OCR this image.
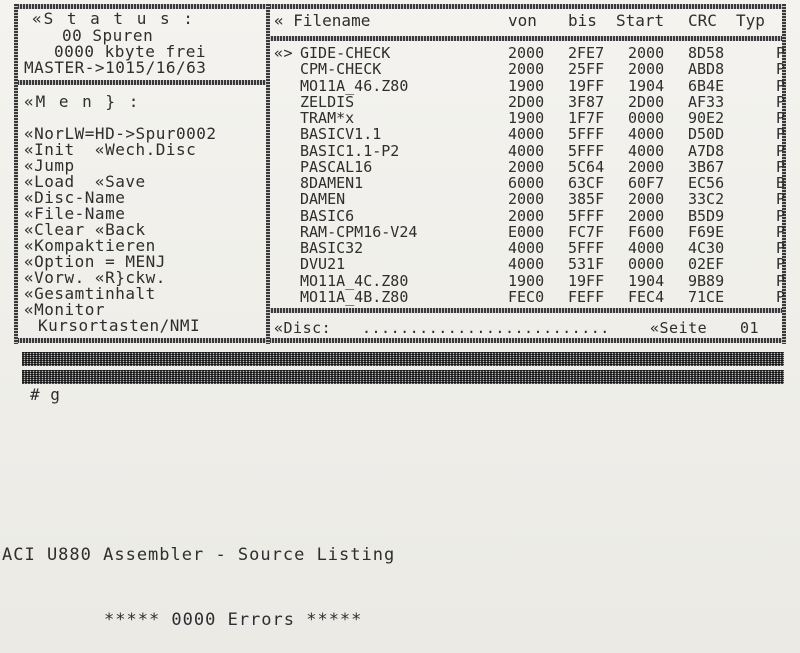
«S t a t u s :
00 Spuren
0000 kbyte frei
MASTER->1015/16/63
«M e n } :
«NorLW=HD->Spur0002
«Init  «Wech.Disc
«Jump
«Load  «Save
«Disc-Name
«File-Name
«Clear «Back
«Kompaktieren
«Option = MENJ
«Vorw. «R}ckw.
«Gesamtinhalt
«Monitor
Kursortasten/NMI
« Filename	von bis Start CRC Typ
«> GIDE-CHECK	2000 2FE7 2000 8D58	P
CPM-CHECK	2000 25FF 2000 ABD8	P
MO11A_46.Z80	1900 19FF 1904 6B4E	P
ZELDIS	2D00 3F87 2D00 AF33	P
TRAM*x	1900 1F7F 0000 90E2	P
BASICV1.1	4000 5FFF 4000 D50D	P
BASIC1.1-P2	4000 5FFF 4000 A7D8	P
PASCAL16	2000 5C64 2000 3B67	P
8DAMEN1	6000 63CF 60F7 EC56	B
DAMEN	2000 385F 2000 33C2	P
BASIC6	2000 5FFF 2000 B5D9	P
RAM-CPM16-V24	E000 FC7F F600 F69E	P
BASIC32	4000 5FFF 4000 4C30	P
DVU21	4000 531F 0000 02EF	P
MO11A_4C.Z80	1900 19FF 1904 9B89	P
MO11A_4B.Z80	FEC0 FEFF FEC4 71CE	P
«Disc: ..........................	«Seite 01
# g
ACI U880 Assembler - Source Listing
***** 0000 Errors *****
